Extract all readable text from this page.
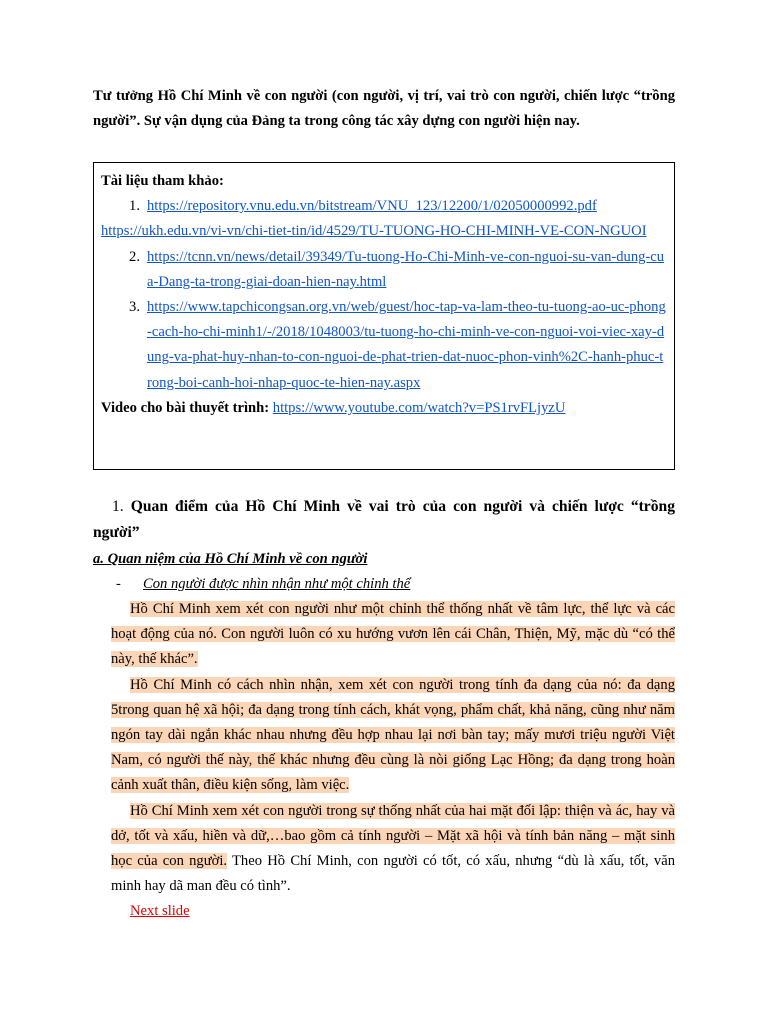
Tư tưởng Hồ Chí Minh về con người (con người, vị trí, vai trò con người, chiến lược “trồng người”. Sự vận dụng của Đảng ta trong công tác xây dựng con người hiện nay.
Tài liệu tham khảo:
1. https://repository.vnu.edu.vn/bitstream/VNU_123/12200/1/02050000992.pdf
https://ukh.edu.vn/vi-vn/chi-tiet-tin/id/4529/TU-TUONG-HO-CHI-MINH-VE-CON-NGUOI
2. https://tcnn.vn/news/detail/39349/Tu-tuong-Ho-Chi-Minh-ve-con-nguoi-su-van-dung-cua-Dang-ta-trong-giai-doan-hien-nay.html
3. https://www.tapchicongsan.org.vn/web/guest/hoc-tap-va-lam-theo-tu-tuong-ao-uc-phong-cach-ho-chi-minh1/-/2018/1048003/tu-tuong-ho-chi-minh-ve-con-nguoi-voi-viec-xay-dung-va-phat-huy-nhan-to-con-nguoi-de-phat-trien-dat-nuoc-phon-vinh%2C-hanh-phuc-trong-boi-canh-hoi-nhap-quoc-te-hien-nay.aspx
Video cho bài thuyết trình: https://www.youtube.com/watch?v=PS1rvFLjyzU
1. Quan điểm của Hồ Chí Minh về vai trò của con người và chiến lược “trồng người”
a. Quan niệm của Hồ Chí Minh về con người
- Con người được nhìn nhận như một chỉnh thể

Hồ Chí Minh xem xét con người như một chỉnh thể thống nhất về tâm lực, thể lực và các hoạt động của nó. Con người luôn có xu hướng vươn lên cái Chân, Thiện, Mỹ, mặc dù “có thể này, thế khác”.

Hồ Chí Minh có cách nhìn nhận, xem xét con người trong tính đa dạng của nó: đa dạng 5trong quan hệ xã hội; đa dạng trong tính cách, khát vọng, phẩm chất, khả năng, cũng như năm ngón tay dài ngắn khác nhau nhưng đều hợp nhau lại nơi bàn tay; mấy mươi triệu người Việt Nam, có người thế này, thế khác nhưng đều cùng là nòi giống Lạc Hồng; đa dạng trong hoàn cảnh xuất thân, điều kiện sống, làm việc.

Hồ Chí Minh xem xét con người trong sự thống nhất của hai mặt đối lập: thiện và ác, hay và dở, tốt và xấu, hiền và dữ,…bao gồm cả tính người – Mặt xã hội và tính bản năng – mặt sinh học của con người. Theo Hồ Chí Minh, con người có tốt, có xấu, nhưng “dù là xấu, tốt, văn minh hay dã man đều có tình”.

Next slide
